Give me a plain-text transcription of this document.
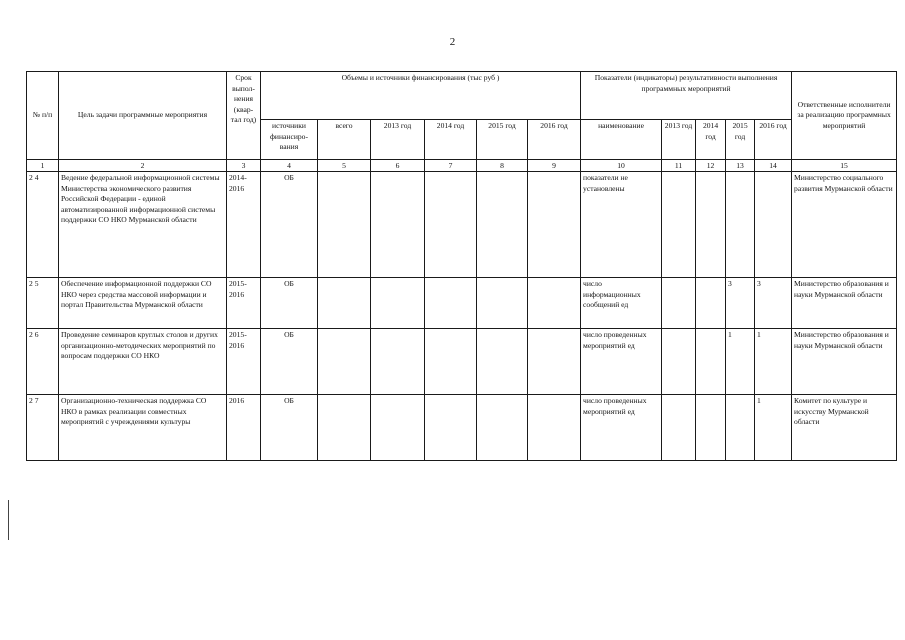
2
№ п/п	Цель задачи программные мероприятия	Срок выпол-нения (квар-тал год)	Объемы и источники финансирования (тыс руб )						Показатели (индикаторы) результативности выполнения программных мероприятий					Ответственные исполнители за реализацию программных мероприятий
			источники финансиро-вания	всего	2013 год	2014 год	2015 год	2016 год	наименование	2013 год	2014 год	2015 год	2016 год	
1	2	3	4	5	6	7	8	9	10	11	12	13	14	15
2 4	Ведение федеральной информационной системы Министерства экономического развития Российской Федерации - единой автоматизированной информационной системы поддержки СО НКО Мурманской области	2014-2016	ОБ						показатели не установлены					Министерство социального развития Мурманской области
2 5	Обеспечение информационной поддержки СО НКО через средства массовой информации и портал Правительства Мурманской области	2015-2016	ОБ						число информационных сообщений ед			3	3	Министерство образования и науки Мурманской области
2 6	Проведение семинаров круглых столов и других организационно-методических мероприятий по вопросам поддержки СО НКО	2015-2016	ОБ						число проведенных мероприятий ед			1	1	Министерство образования и науки Мурманской области
2 7	Организационно-техническая поддержка СО НКО в рамках реализации совместных мероприятий с учреждениями культуры	2016	ОБ						число проведенных мероприятий ед				1	Комитет по культуре и искусству Мурманской области
